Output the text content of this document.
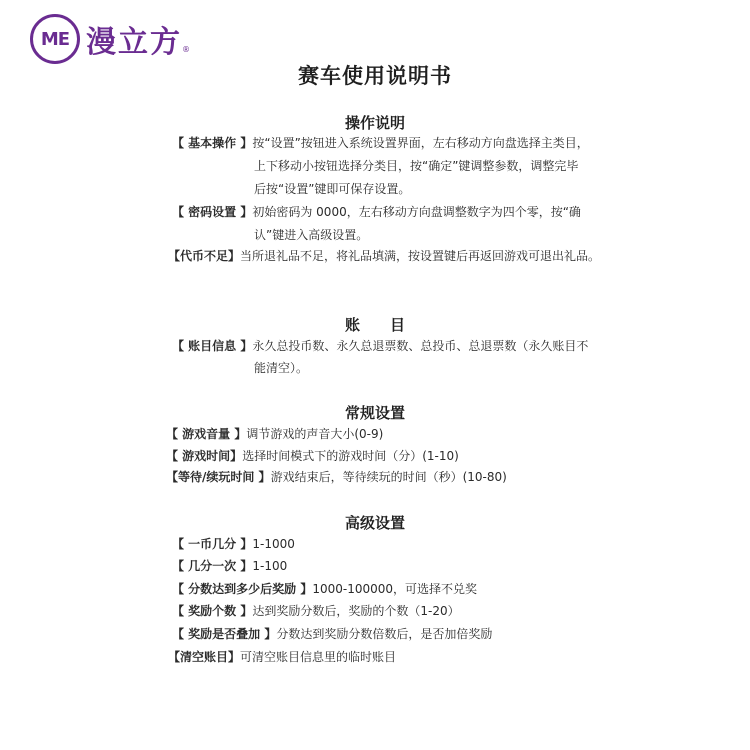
ME 漫立方 ®
赛车使用说明书
操作说明
【 基本操作 】按“设置”按钮进入系统设置界面，左右移动方向盘选择主类目，
上下移动小按钮选择分类目，按“确定”键调整参数，调整完毕
后按“设置”键即可保存设置。
【 密码设置 】初始密码为 0000，左右移动方向盘调整数字为四个零，按“确
认”键进入高级设置。
【代币不足】当所退礼品不足，将礼品填满，按设置键后再返回游戏可退出礼品。
账　　目
【 账目信息 】永久总投币数、永久总退票数、总投币、总退票数（永久账目不
能清空）。
常规设置
【 游戏音量 】调节游戏的声音大小(0-9)
【 游戏时间】选择时间模式下的游戏时间（分）(1-10)
【等待/续玩时间 】游戏结束后，等待续玩的时间（秒）(10-80)
高级设置
【 一币几分 】1-1000
【 几分一次 】1-100
【 分数达到多少后奖励 】1000-100000，可选择不兑奖
【 奖励个数 】达到奖励分数后，奖励的个数（1-20）
【 奖励是否叠加 】分数达到奖励分数倍数后，是否加倍奖励
【清空账目】可清空账目信息里的临时账目
